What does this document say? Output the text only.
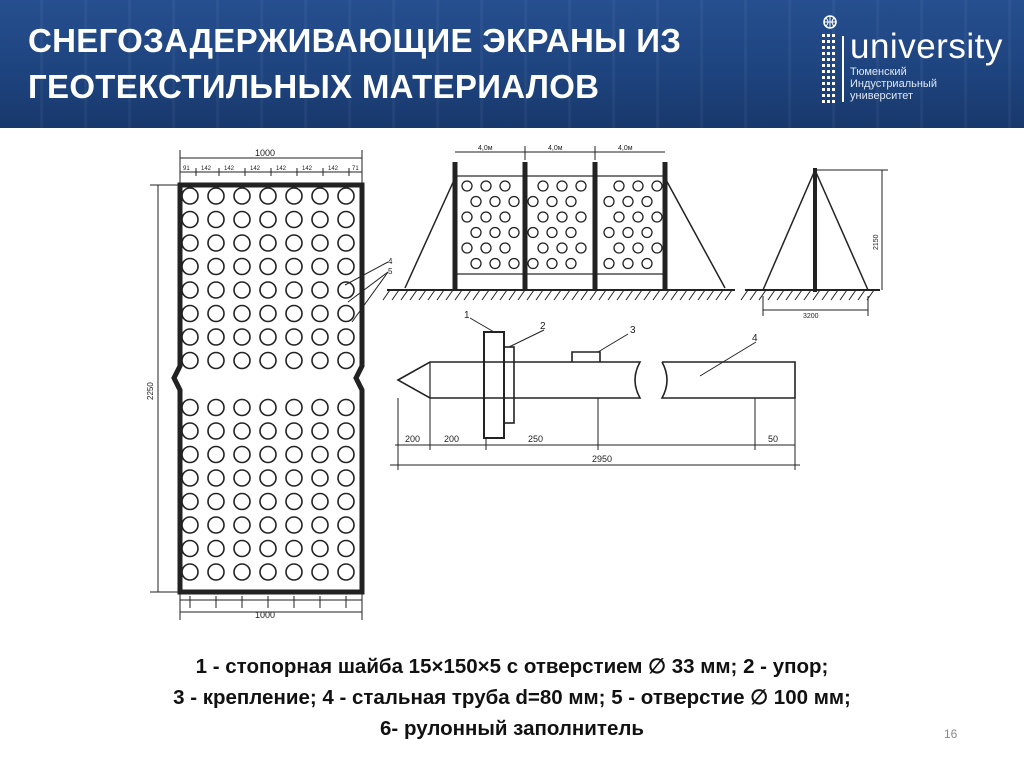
СНЕГОЗАДЕРЖИВАЮЩИЕ ЭКРАНЫ ИЗ
ГЕОТЕКСТИЛЬНЫХ МАТЕРИАЛОВ
university
Тюменский
Индустриальный
университет
1000
1000
2250
91 142 142	142	142	142	142 71
4
5
4,0м	4,0м	4,0м
2150
3200
1
2	3
4
200	200	250	50
2950
1 - стопорная шайба 15×150×5 с отверстием ∅ 33 мм; 2 - упор;
3 - крепление; 4 - стальная труба d=80 мм; 5 - отверстие ∅ 100 мм;
6- рулонный заполнитель	16
